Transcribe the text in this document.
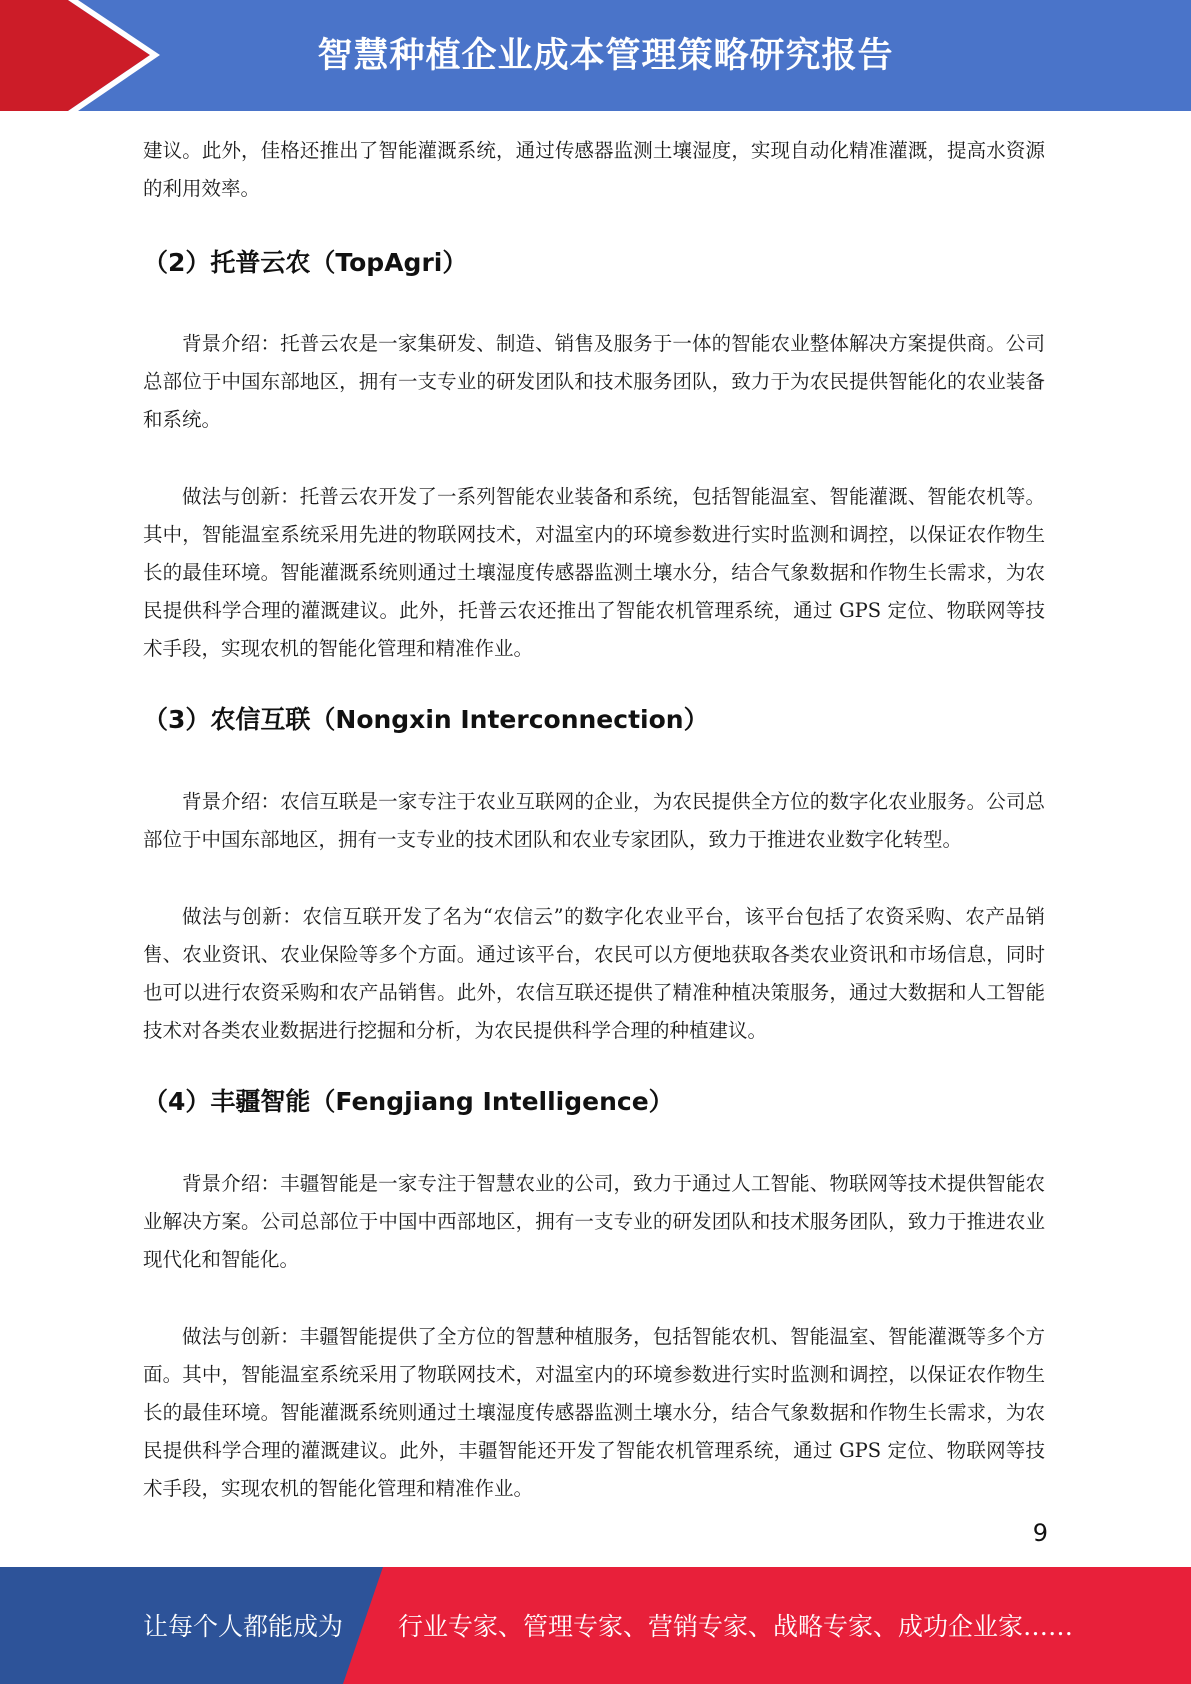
智慧种植企业成本管理策略研究报告

建议。此外，佳格还推出了智能灌溉系统，通过传感器监测土壤湿度，实现自动化精准灌溉，提高水资源的利用效率。

（2）托普云农（TopAgri）

背景介绍：托普云农是一家集研发、制造、销售及服务于一体的智能农业整体解决方案提供商。公司总部位于中国东部地区，拥有一支专业的研发团队和技术服务团队，致力于为农民提供智能化的农业装备和系统。

做法与创新：托普云农开发了一系列智能农业装备和系统，包括智能温室、智能灌溉、智能农机等。其中，智能温室系统采用先进的物联网技术，对温室内的环境参数进行实时监测和调控，以保证农作物生长的最佳环境。智能灌溉系统则通过土壤湿度传感器监测土壤水分，结合气象数据和作物生长需求，为农民提供科学合理的灌溉建议。此外，托普云农还推出了智能农机管理系统，通过 GPS 定位、物联网等技术手段，实现农机的智能化管理和精准作业。

（3）农信互联（Nongxin Interconnection）

背景介绍：农信互联是一家专注于农业互联网的企业，为农民提供全方位的数字化农业服务。公司总部位于中国东部地区，拥有一支专业的技术团队和农业专家团队，致力于推进农业数字化转型。

做法与创新：农信互联开发了名为“农信云”的数字化农业平台，该平台包括了农资采购、农产品销售、农业资讯、农业保险等多个方面。通过该平台，农民可以方便地获取各类农业资讯和市场信息，同时也可以进行农资采购和农产品销售。此外，农信互联还提供了精准种植决策服务，通过大数据和人工智能技术对各类农业数据进行挖掘和分析，为农民提供科学合理的种植建议。

（4）丰疆智能（Fengjiang Intelligence）

背景介绍：丰疆智能是一家专注于智慧农业的公司，致力于通过人工智能、物联网等技术提供智能农业解决方案。公司总部位于中国中西部地区，拥有一支专业的研发团队和技术服务团队，致力于推进农业现代化和智能化。

做法与创新：丰疆智能提供了全方位的智慧种植服务，包括智能农机、智能温室、智能灌溉等多个方面。其中，智能温室系统采用了物联网技术，对温室内的环境参数进行实时监测和调控，以保证农作物生长的最佳环境。智能灌溉系统则通过土壤湿度传感器监测土壤水分，结合气象数据和作物生长需求，为农民提供科学合理的灌溉建议。此外，丰疆智能还开发了智能农机管理系统，通过 GPS 定位、物联网等技术手段，实现农机的智能化管理和精准作业。

9
让每个人都能成为 行业专家、管理专家、营销专家、战略专家、成功企业家……
